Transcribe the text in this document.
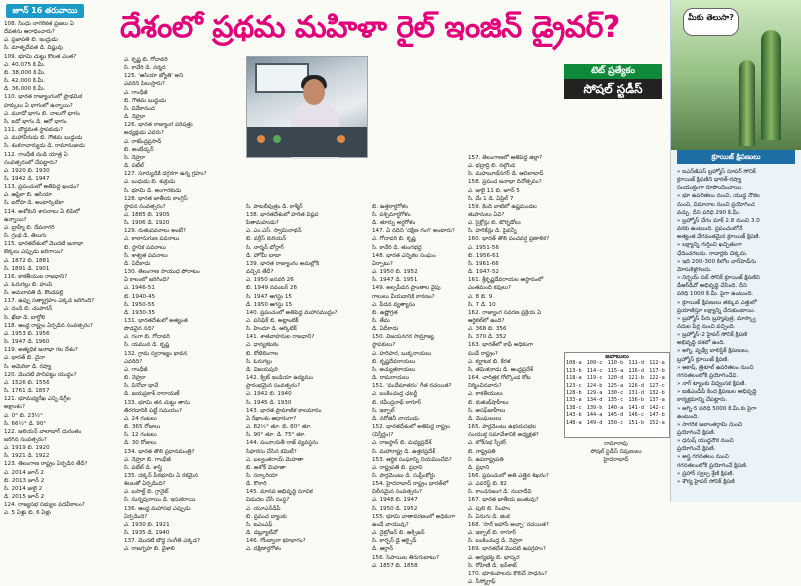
జూన్ 16 తరువాయి దేశంలో ప్రథమ మహిళా రైల్ ఇంజిన్ డ్రైవర్?

108. సింధు నాగరికత ప్రజలు ఏ

దేవతను ఆరాధించారు?

ఎ. ప్రజాపతి బి. ఇంద్రుడు

సి. మాతృదేవత డి. విష్ణువు

109. భూమి చుట్టు కొలత ఎంత?

ఎ. 40,075 కి.మీ.

బి. 38,000 కి.మీ.

సి. 42,000 కి.మీ.

డి. 36,000 కి.మీ.

110. భారత రాజ్యాంగంలో ప్రాథమిక

హక్కులు ఏ భాగంలో ఉన్నాయి?

ఎ. మూడో భాగం బి. నాలుగో భాగం

సి. ఐదో భాగం డి. ఆరో భాగం

111. బౌద్ధమత స్థాపకుడు?

ఎ. మహావీరుడు బి. గౌతమ బుద్ధుడు

సి. శంకరాచార్యుడు డి. రామానుజుడు

112. గాంధీజీ దండి యాత్ర ఏ

సంవత్సరంలో చేపట్టారు?

ఎ. 1920 బి. 1930

సి. 1942 డి. 1947

113. ప్రపంచంలో అతిపెద్ద ఖండం?

ఎ. ఆఫ్రికా బి. ఆసియా

సి. ఐరోపా డి. అంటార్కిటికా

114. అశోకుని శాసనాలు ఏ లిపిలో

ఉన్నాయి?

ఎ. బ్రాహ్మీ బి. దేవనాగరి

సి. గ్రంథ డి. తెలుగు

115. భారతదేశంలో మొదటి జనాభా

లెక్కలు ఎప్పుడు జరిగాయి?

ఎ. 1872 బి. 1881

సి. 1891 డి. 1901

116. కాకతీయుల రాజధాని?

ఎ. ఓరుగల్లు బి. హంపి

సి. అమరావతి డి. కొండపల్లి

117. ఉప్పు సత్యాగ్రహం ఎక్కడ జరిగింది?

ఎ. దండి బి. చంపారన్

సి. ఖేడా డి. బార్డోలి

118. ఆంధ్ర రాష్ట్రం ఏర్పడిన సంవత్సరం?

ఎ. 1953 బి. 1956

సి. 1947 డి. 1960

119. అత్యధిక జనాభా గల దేశం?

ఎ. భారత్ బి. చైనా

సి. అమెరికా డి. రష్యా

120. మొదటి పానిపట్టు యుద్ధం?

ఎ. 1526 బి. 1556

సి. 1761 డి. 1857

121. భూమధ్యరేఖ ఎన్ని డిగ్రీల

అక్షాంశం?

ఎ. 0° బి. 23½°

సి. 66½° డి. 90°

122. జలియన్ వాలాబాగ్ దురంతం

జరిగిన సంవత్సరం?

ఎ. 1919 బి. 1920

సి. 1921 డి. 1922

123. తెలంగాణ రాష్ట్రం ఏర్పడిన తేదీ?

ఎ. 2014 జూన్ 2

బి. 2013 జూన్ 2

సి. 2014 జులై 2

డి. 2015 జూన్ 2

124. రాజ్యసభ సభ్యుల పదవీకాలం?

ఎ. 5 ఏళ్లు బి. 6 ఏళ్లు

ఎ. కృష్ణ బి. గోదావరి

సి. కావేరి డి. నర్మద

125. 'ఆసియా జ్యోతి' అని

ఎవరిని పిలుస్తారు?

ఎ. గాంధీజీ

బి. గౌతమ బుద్ధుడు

సి. వివేకానంద

డి. నెహ్రూ

126. భారత రాజ్యాంగ పరిషత్తు

అధ్యక్షుడు ఎవరు?

ఎ. రాజేంద్రప్రసాద్

బి. అంబేడ్కర్

సి. నెహ్రూ

డి. పటేల్

127. సూర్యుడికి దగ్గరగా ఉన్న గ్రహం?

ఎ. బుధుడు బి. శుక్రుడు

సి. భూమి డి. అంగారకుడు

128. భారత జాతీయ కాంగ్రెస్

స్థాపన సంవత్సరం?

ఎ. 1885 బి. 1905

సి. 1906 డి. 1920

129. రుతుపవనాలు అంటే?

ఎ. కాలానుగుణ పవనాలు

బి. స్థానిక పవనాలు

సి. శాశ్వత పవనాలు

డి. ఏదీకాదు

130. తెలంగాణ సాయుధ పోరాటం

ఏ కాలంలో జరిగింది?

ఎ. 1946-51

బి. 1940-45

సి. 1950-55

డి. 1930-35

131. భారతదేశంలో అత్యంత

పొడవైన నది?

ఎ. గంగా బి. గోదావరి

సి. యమున డి. కృష్ణ

132. గ్రామ స్వరాజ్యం భావన

ఎవరిది?

ఎ. గాంధీజీ

బి. నెహ్రూ

సి. వినోబా భావే

డి. జయప్రకాశ్ నారాయణ్

133. భూమి తన చుట్టు తాను

తిరగడానికి పట్టే సమయం?

ఎ. 24 గంటలు

బి. 365 రోజులు

సి. 12 గంటలు

డి. 30 రోజులు

134. భారత తొలి ప్రధానమంత్రి?

ఎ. నెహ్రూ బి. గాంధీజీ

సి. పటేల్ డి. శాస్త్రి

135. దక్కన్ పీఠభూమి ఏ రకమైన

శిలలతో ఏర్పడింది?

ఎ. బసాల్ట్ బి. గ్రానైట్

సి. సున్నపురాయి డి. ఇసుకరాయి

136. ఆంధ్ర మహాసభ ఎప్పుడు

ఏర్పడింది?

ఎ. 1930 బి. 1921

సి. 1935 డి. 1940

137. మొదటి బౌద్ధ సంగీతి ఎక్కడ?

ఎ. రాజగృహ బి. వైశాలి

సి. పాటలీపుత్రం డి. కాశ్మీర్

138. భారతదేశంలో హరిత విప్లవ

పితామహుడు?

ఎ. ఎం.ఎస్. స్వామినాథన్

బి. వర్గీస్ కురియన్

సి. నార్మన్ బోర్లాగ్

డి. హోమీ బాబా

139. భారత రాజ్యాంగం అమల్లోకి

వచ్చిన తేదీ?

ఎ. 1950 జనవరి 26

బి. 1949 నవంబర్ 26

సి. 1947 ఆగస్టు 15

డి. 1950 ఆగస్టు 15

140. ప్రపంచంలో అతిపెద్ద మహాసముద్రం?

ఎ. పసిఫిక్ బి. అట్లాంటిక్

సి. హిందూ డి. ఆర్కిటిక్

141. శాతవాహనుల రాజధాని?

ఎ. ధాన్యకటకం

బి. కోటిలింగాల

సి. ఓరుగల్లు

డి. విజయపురి

142. క్విట్ ఇండియా ఉద్యమం

ప్రారంభమైన సంవత్సరం?

ఎ. 1942 బి. 1940

సి. 1945 డి. 1930

143. భారత ప్రామాణిక కాలమానం

ఏ రేఖాంశం ఆధారంగా?

ఎ. 82½° తూ. బి. 80° తూ.

సి. 90° తూ. డి. 75° తూ.

144. పంచాయతీ రాజ్ వ్యవస్థను

సిఫారసు చేసిన కమిటీ?

ఎ. బల్వంతరాయ్ మెహతా

బి. అశోక్ మెహతా

సి. సర్కారియా

డి. కొఠారి

145. మానవ అభివృద్ధి సూచిక

విడుదల చేసే సంస్థ?

ఎ. యూఎన్‌డీపీ

బి. ప్రపంచ బ్యాంకు

సి. ఐఎంఎఫ్

డి. డబ్ల్యూటీవో

146. గోండ్వానా భూభాగం?

ఎ. దక్షిణార్ధగోళం

బి. ఉత్తరార్ధగోళం

సి. పశ్చిమార్ధగోళం

డి. తూర్పు అర్ధగోళం

147. ఏ నదిని 'దక్షిణ గంగ' అంటారు?

ఎ. గోదావరి బి. కృష్ణ

సి. కావేరి డి. తుంగభద్ర

148. భారత ఎన్నికల సంఘం

ఏర్పాటు?

ఎ. 1950 బి. 1952

సి. 1947 డి. 1951

149. అల్పపీడన ప్రాంతాల వైపు

గాలులు వీయడానికి కారణం?

ఎ. పీడన వ్యత్యాసం

బి. ఉష్ణోగ్రత

సి. తేమ

డి. ఏదీకాదు

150. విజయనగర సామ్రాజ్య

స్థాపకులు?

ఎ. హరిహర, బుక్కరాయలు

బి. కృష్ణదేవరాయలు

సి. అచ్యుతరాయలు

డి. రామరాయలు

151. 'వందేమాతరం' గీత రచయిత?

ఎ. బంకించంద్ర ఛటర్జీ

బి. రవీంద్రనాథ్ ఠాగూర్

సి. ఇక్బాల్

డి. సరోజినీ నాయుడు

152. భారతదేశంలో అతిపెద్ద రాష్ట్రం

(విస్తీర్ణం)?

ఎ. రాజస్థాన్ బి. మధ్యప్రదేశ్

సి. మహారాష్ట్ర డి. ఉత్తరప్రదేశ్

153. ఆర్థిక సంఘాన్ని నియమించేది?

ఎ. రాష్ట్రపతి బి. ప్రధాని

సి. పార్లమెంటు డి. సుప్రీంకోర్టు

154. హైదరాబాద్ రాష్ట్రం భారత్‌లో

విలీనమైన సంవత్సరం?

ఎ. 1948 బి. 1947

సి. 1950 డి. 1952

155. భూమి వాతావరణంలో అధికంగా

ఉండే వాయువు?

ఎ. నైట్రోజన్ బి. ఆక్సిజన్

సి. కార్బన్ డై ఆక్సైడ్

డి. ఆర్గాన్

156. సిపాయిల తిరుగుబాటు?

ఎ. 1857 బి. 1858

157. తెలంగాణలో అతిపెద్ద జిల్లా?

ఎ. భద్రాద్రి బి. నల్గొండ

సి. మహబూబ్‌నగర్ డి. ఆదిలాబాద్

158. ప్రపంచ జనాభా దినోత్సవం?

ఎ. జులై 11 బి. జూన్ 5

సి. మే 1 డి. ఏప్రిల్ 7

159. కింది వాటిలో ఉష్ణమండల

తుపానులు ఏవి?

ఎ. సైక్లోన్లు బి. టొర్నడోలు

సి. హరికేన్లు డి. పైవన్నీ

160. భారత్ తొలి పంచవర్ష ప్రణాళిక?

ఎ. 1951-56

బి. 1956-61

సి. 1961-66

డి. 1947-52

161. శ్రీకృష్ణదేవరాయల ఆస్థానంలో

ఎంతమంది కవులు?

ఎ. 8 బి. 9

సి. 7 డి. 10

162. రాజ్యాంగ సవరణ ప్రక్రియ ఏ

ఆర్టికల్‌లో ఉంది?

ఎ. 368 బి. 356

సి. 370 డి. 352

163. భారత్‌లో కాఫీ అధికంగా

పండే రాష్ట్రం?

ఎ. కర్ణాటక బి. కేరళ

సి. తమిళనాడు డి. ఆంధ్రప్రదేశ్

164. చారిత్రక గోల్కొండ కోట

నిర్మించినవారు?

ఎ. కాకతీయులు

బి. కుతుబ్‌షాహీలు

సి. అసఫ్‌జాహీలు

డి. మొఘలులు

165. పార్లమెంటు ఉభయసభల

సంయుక్త సమావేశానికి అధ్యక్షత?

ఎ. లోక్‌సభ స్పీకర్

బి. రాష్ట్రపతి

సి. ఉపరాష్ట్రపతి

డి. ప్రధాని

166. ప్రపంచంలో అతి ఎత్తైన శిఖరం?

ఎ. ఎవరెస్ట్ బి. కె2

సి. కాంచనజంగ డి. నందాదేవి

167. భారత జాతీయ జంతువు?

ఎ. పులి బి. సింహం

సి. ఏనుగు డి. జింక

168. 'సారే జహాసే అచ్ఛా' రచయిత?

ఎ. ఇక్బాల్ బి. ఠాగూర్

సి. బంకించంద్ర డి. నెహ్రూ

169. భారతదేశ మొదటి ఉపగ్రహం?

ఎ. ఆర్యభట్ట బి. భాస్కర

సి. రోహిణి డి. ఇన్‌శాట్

170. భూకంపాలను కొలిచే సాధనం?

ఎ. సీస్మోగ్రాఫ్

టెట్ ప్రత్యేకం
సోషల్ స్టడీస్
జవాబులు
108-a	109-c	110-b	111-d	112-a
113-b	114-c	115-a	116-d	117-b
118-a	119-c	120-d	121-b	122-a
123-c	124-b	125-a	126-d	127-c
128-b	129-a	130-c	131-d	132-b
133-a	134-d	135-c	136-b	137-a
138-c	139-b	140-a	141-d	142-c
143-b	144-a	145-d	146-c	147-b
148-a	149-d	150-c	151-b	152-a

రామారావు

సోషల్ స్టడీస్ నిపుణులు

హైదరాబాద్

మీకు తెలుసా?
క్రూయిజ్ క్షిపణులు

» ఐఎన్‌జీఎస్ బ్రహ్మోస్ సూపర్ సోనిక్

క్రూయిజ్ క్షిపణిని భారత్-రష్యా

సంయుక్తంగా రూపొందించాయి.

» భూ ఉపరితలం నుంచి, యుద్ధ నౌకల

నుంచి, విమానాల నుంచి ప్రయోగించ

వచ్చు. దీని పరిధి 290 కి.మీ.

» బ్రహ్మోస్ వేగం మాక్ 2.8 నుంచి 3.0

వరకు ఉంటుంది. ప్రపంచంలోనే

అత్యంత వేగవంతమైన క్రూయిజ్ క్షిపణి.

» లక్ష్యాన్ని గుర్తించి ఖచ్చితంగా

ఛేదించగలదు. రాడార్లకు చిక్కదు.

» ఇది 200-300 కిలోల వార్‌హెడ్‌ను

మోసుకెళ్లగలదు.

» నిర్భయ్ సబ్ సోనిక్ క్రూయిజ్ క్షిపణిని

డీఆర్‌డీవో అభివృద్ధి చేసింది. దీని

పరిధి 1000 కి.మీ. పైగా ఉంటుంది.

» క్రూయిజ్ క్షిపణులు తక్కువ ఎత్తులో

ప్రయాణిస్తూ లక్ష్యాన్ని చేరుకుంటాయి.

» బ్రహ్మోస్ పేరు బ్రహ్మపుత్ర, మాస్క్వా

నదుల పేర్ల నుంచి వచ్చింది.

» బ్రహ్మోస్-2 హైపర్ సోనిక్ క్షిపణి

అభివృద్ధి దశలో ఉంది.

» అగ్ని, పృథ్వీ బాలిస్టిక్ క్షిపణులు,

బ్రహ్మోస్ క్రూయిజ్ క్షిపణి.

» ఆకాష్, త్రిశూల్ ఉపరితలం నుంచి

గగనతలంలోకి ప్రయోగించేవి.

» నాగ్ ట్యాంకు విధ్వంసక క్షిపణి.

» ఐజీఎండీపీ కింద క్షిపణుల అభివృద్ధి

కార్యక్రమాన్ని చేపట్టారు.

» అగ్ని-5 పరిధి 5000 కి.మీ.కు పైగా

ఉంటుంది.

» సాగరిక జలాంతర్గామి నుంచి

ప్రయోగించే క్షిపణి.

» ధనుష్ యుద్ధనౌక నుంచి

ప్రయోగించే క్షిపణి.

» అస్త్ర గగనతలం నుంచి

గగనతలంలోకి ప్రయోగించే క్షిపణి.

» ప్రహార్ స్వల్ప శ్రేణి క్షిపణి.

» శౌర్య హైపర్ సోనిక్ క్షిపణి
